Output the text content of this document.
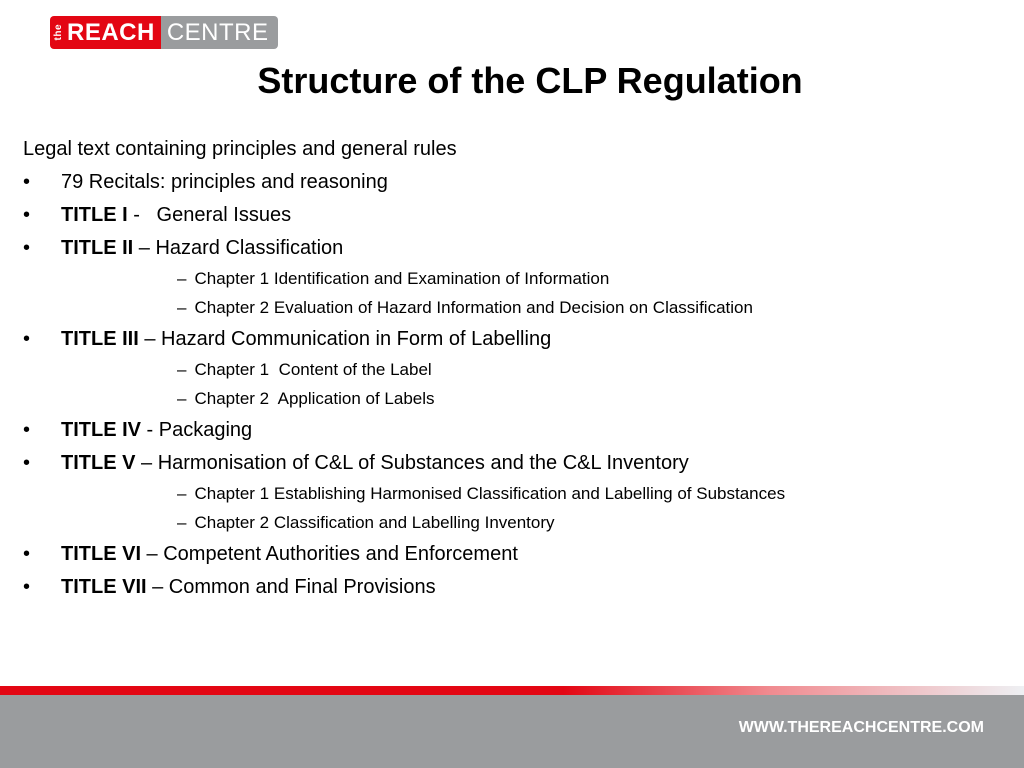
the REACH CENTRE
Structure of the CLP Regulation
Legal text containing principles and general rules
• 79 Recitals: principles and reasoning
• TITLE I -   General Issues
• TITLE II – Hazard Classification
– Chapter 1 Identification and Examination of Information
– Chapter 2 Evaluation of Hazard Information and Decision on Classification
• TITLE III – Hazard Communication in Form of Labelling
– Chapter 1  Content of the Label
– Chapter 2  Application of Labels
• TITLE IV - Packaging
• TITLE V – Harmonisation of C&L of Substances and the C&L Inventory
– Chapter 1 Establishing Harmonised Classification and Labelling of Substances
– Chapter 2 Classification and Labelling Inventory
• TITLE VI – Competent Authorities and Enforcement
• TITLE VII – Common and Final Provisions
WWW.THEREACHCENTRE.COM
